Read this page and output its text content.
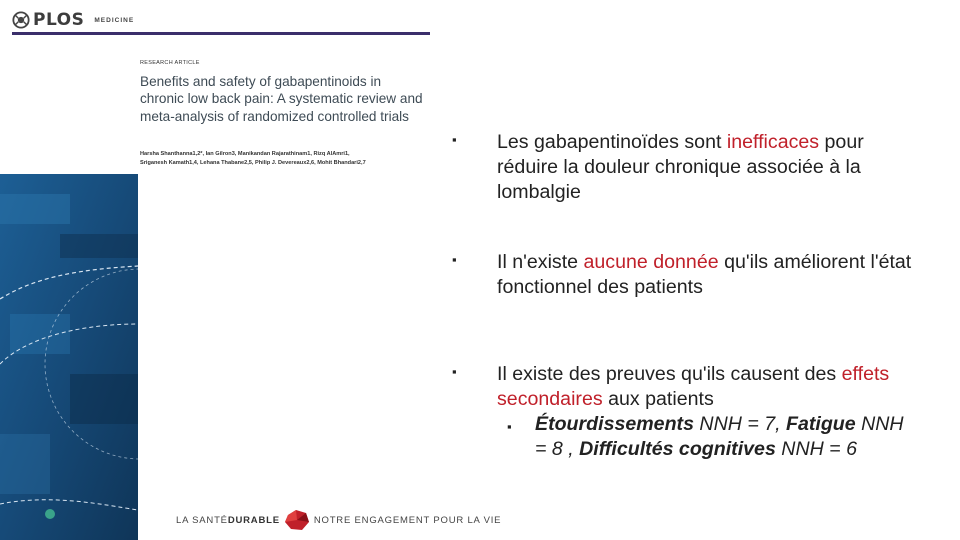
PLOS MEDICINE
RESEARCH ARTICLE
Benefits and safety of gabapentinoids in chronic low back pain: A systematic review and meta-analysis of randomized controlled trials
Harsha Shanthanna1,2*, Ian Gilron3, Manikandan Rajarathinam1, Rizq AlAmri1,
Sriganesh Kamath1,4, Lehana Thabane2,5, Philip J. Devereaux2,6, Mohit Bhandari2,7
LA SANTÉ DURABLE	NOTRE ENGAGEMENT POUR LA VIE
▪ Les gabapentinoïdes sont inefficaces pour réduire la douleur chronique associée à la lombalgie
▪ Il n'existe aucune donnée qu'ils améliorent l'état fonctionnel des patients
▪ Il existe des preuves qu'ils causent des effets secondaires aux patients
▪ Étourdissements NNH = 7, Fatigue NNH = 8 , Difficultés cognitives NNH = 6
